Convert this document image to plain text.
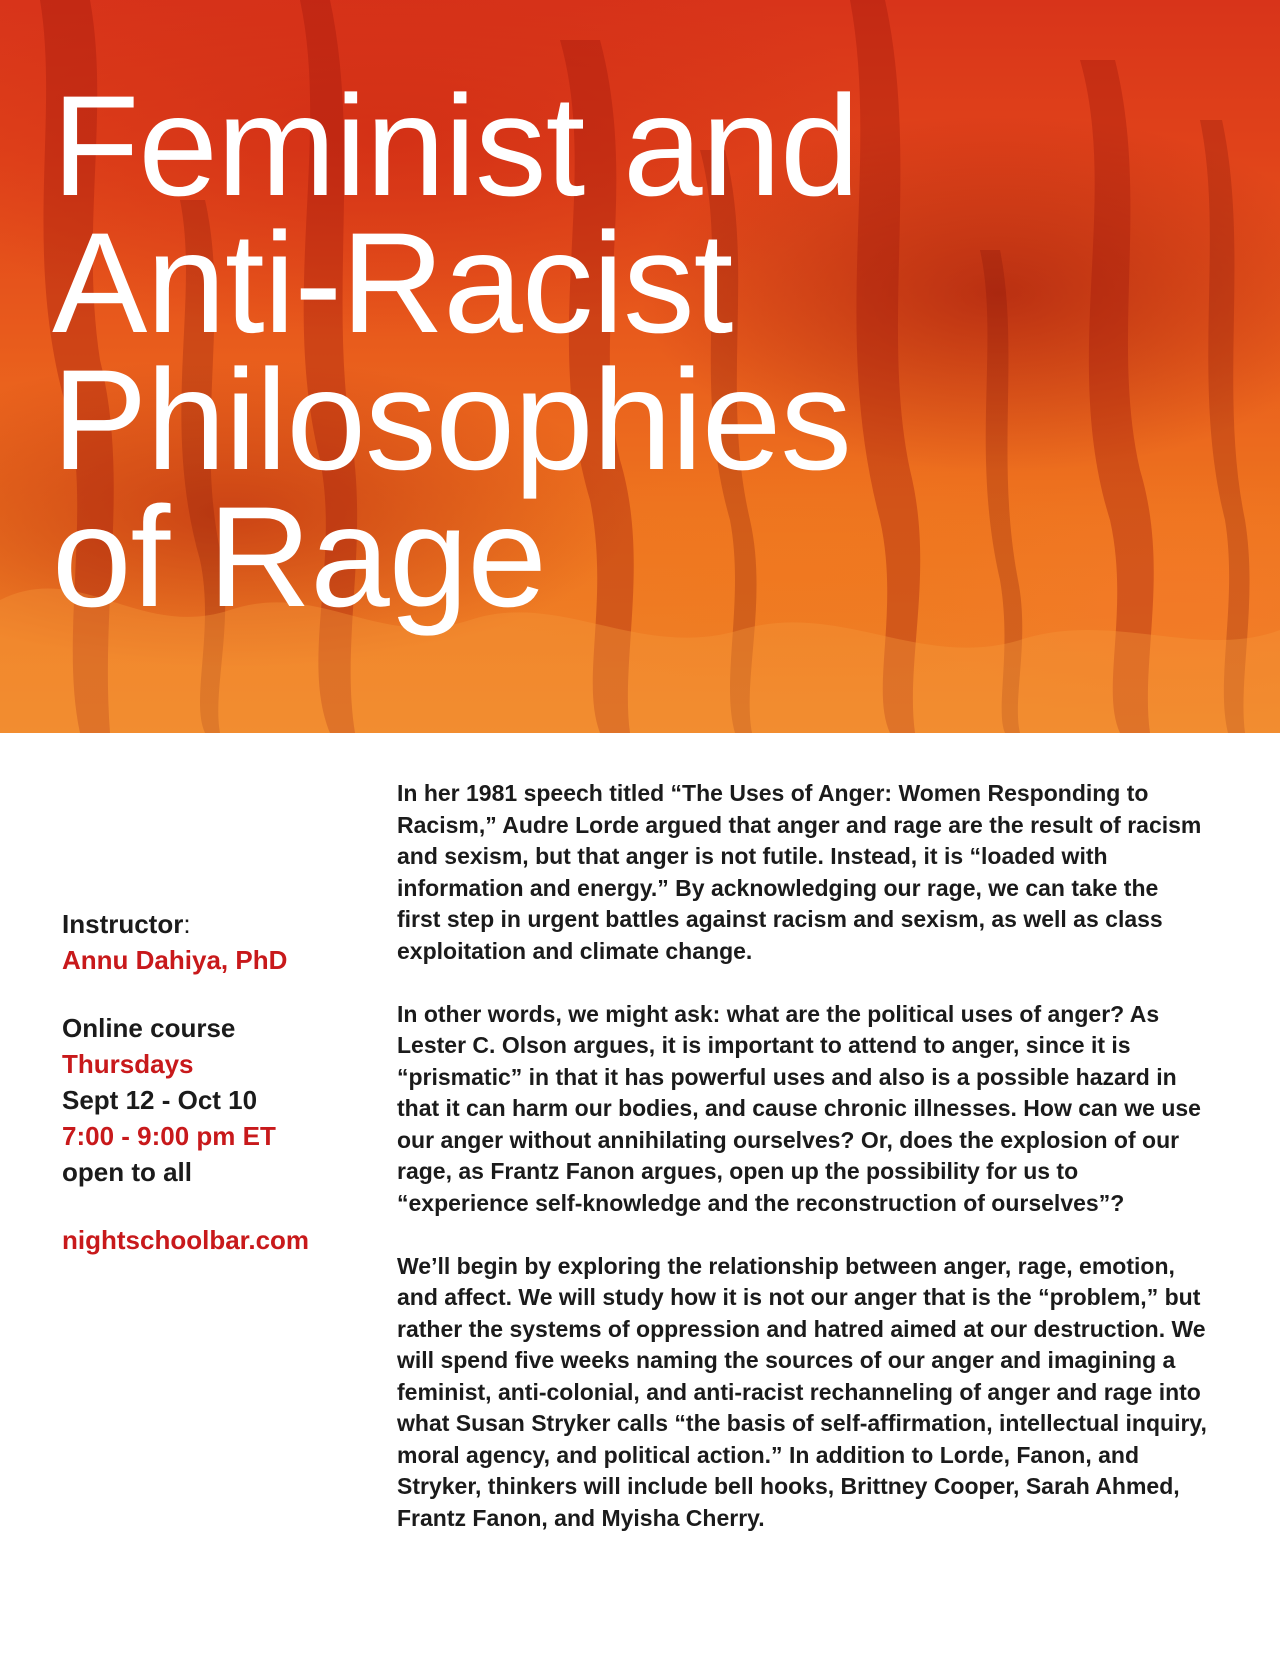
Feminist and
Anti-Racist
Philosophies
of Rage
Instructor:
Annu Dahiya, PhD
Online course
Thursdays
Sept 12 - Oct 10
7:00 - 9:00 pm ET
open to all
nightschoolbar.com

In her 1981 speech titled “The Uses of Anger: Women Responding to Racism,” Audre Lorde argued that anger and rage are the result of racism and sexism, but that anger is not futile. Instead, it is “loaded with information and energy.” By acknowledging our rage, we can take the first step in urgent battles against racism and sexism, as well as class exploitation and climate change.

In other words, we might ask: what are the political uses of anger? As Lester C. Olson argues, it is important to attend to anger, since it is “prismatic” in that it has powerful uses and also is a possible hazard in that it can harm our bodies, and cause chronic illnesses. How can we use our anger without annihilating ourselves? Or, does the explosion of our rage, as Frantz Fanon argues, open up the possibility for us to “experience self-knowledge and the reconstruction of ourselves”?

We’ll begin by exploring the relationship between anger, rage, emotion, and affect. We will study how it is not our anger that is the “problem,” but rather the systems of oppression and hatred aimed at our destruction. We will spend five weeks naming the sources of our anger and imagining a feminist, anti-colonial, and anti-racist rechanneling of anger and rage into what Susan Stryker calls “the basis of self-affirmation, intellectual inquiry, moral agency, and political action.” In addition to Lorde, Fanon, and Stryker, thinkers will include bell hooks, Brittney Cooper, Sarah Ahmed, Frantz Fanon, and Myisha Cherry.
